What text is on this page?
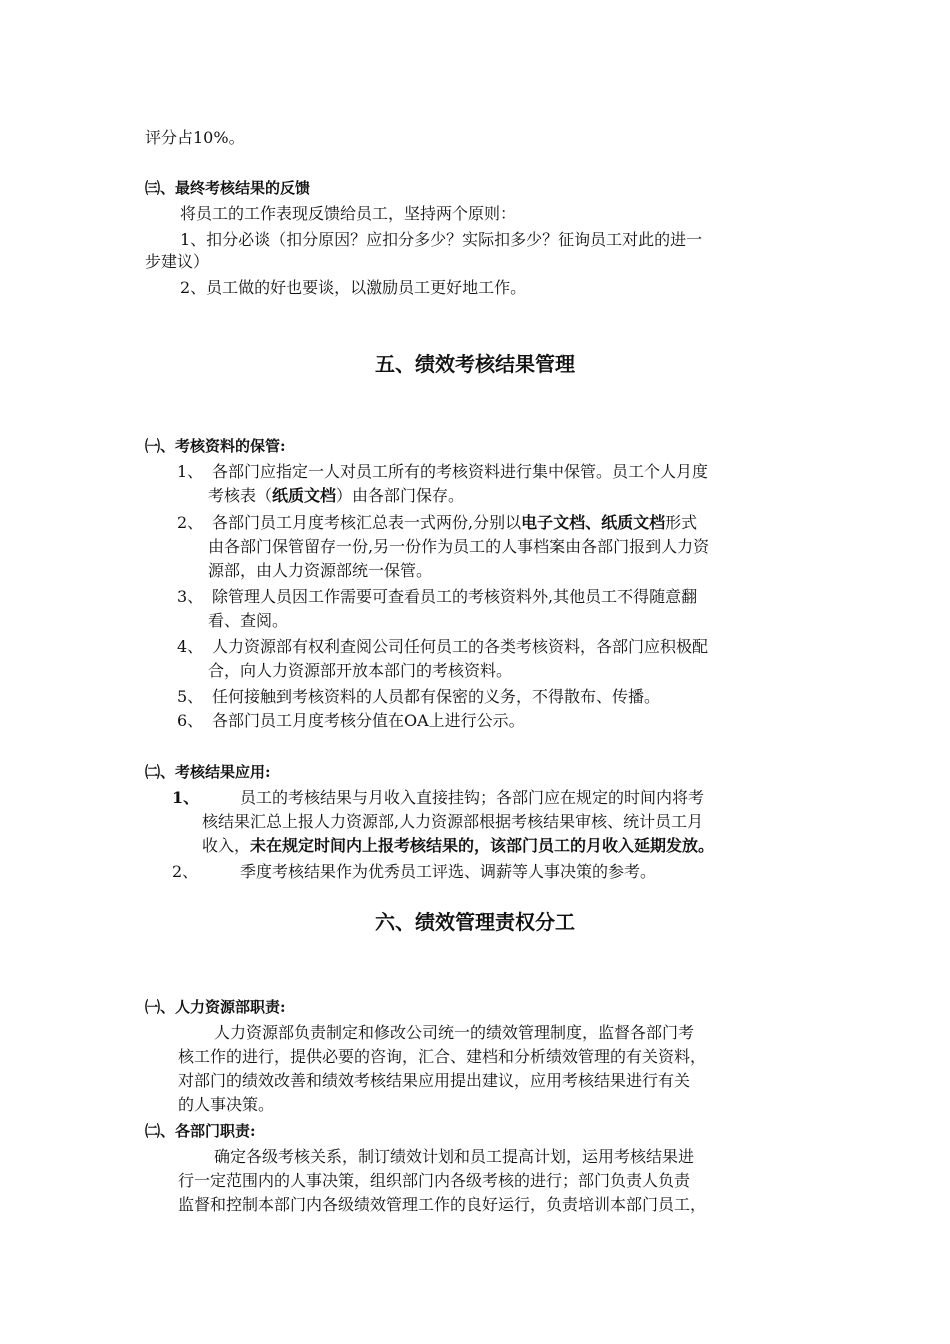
评分占10%。
㈢、最终考核结果的反馈
将员工的工作表现反馈给员工，坚持两个原则：
1、扣分必谈（扣分原因？应扣分多少？实际扣多少？征询员工对此的进一
步建议）
2、员工做的好也要谈，以激励员工更好地工作。
五、绩效考核结果管理
㈠、考核资料的保管:
1、 各部门应指定一人对员工所有的考核资料进行集中保管。员工个人月度
考核表（纸质文档）由各部门保存。
2、 各部门员工月度考核汇总表一式两份,分别以电子文档、纸质文档形式
由各部门保管留存一份,另一份作为员工的人事档案由各部门报到人力资
源部，由人力资源部统一保管。
3、 除管理人员因工作需要可查看员工的考核资料外,其他员工不得随意翻
看、查阅。
4、 人力资源部有权利查阅公司任何员工的各类考核资料，各部门应积极配
合，向人力资源部开放本部门的考核资料。
5、 任何接触到考核资料的人员都有保密的义务，不得散布、传播。
6、 各部门员工月度考核分值在OA上进行公示。
㈡、考核结果应用:
1、	员工的考核结果与月收入直接挂钩；各部门应在规定的时间内将考
核结果汇总上报人力资源部,人力资源部根据考核结果审核、统计员工月
收入，未在规定时间内上报考核结果的，该部门员工的月收入延期发放。
2、	季度考核结果作为优秀员工评选、调薪等人事决策的参考。
六、绩效管理责权分工
㈠、人力资源部职责:
人力资源部负责制定和修改公司统一的绩效管理制度，监督各部门考
核工作的进行，提供必要的咨询，汇合、建档和分析绩效管理的有关资料，
对部门的绩效改善和绩效考核结果应用提出建议，应用考核结果进行有关
的人事决策。
㈡、各部门职责:
确定各级考核关系，制订绩效计划和员工提高计划，运用考核结果进
行一定范围内的人事决策，组织部门内各级考核的进行；部门负责人负责
监督和控制本部门内各级绩效管理工作的良好运行，负责培训本部门员工，
